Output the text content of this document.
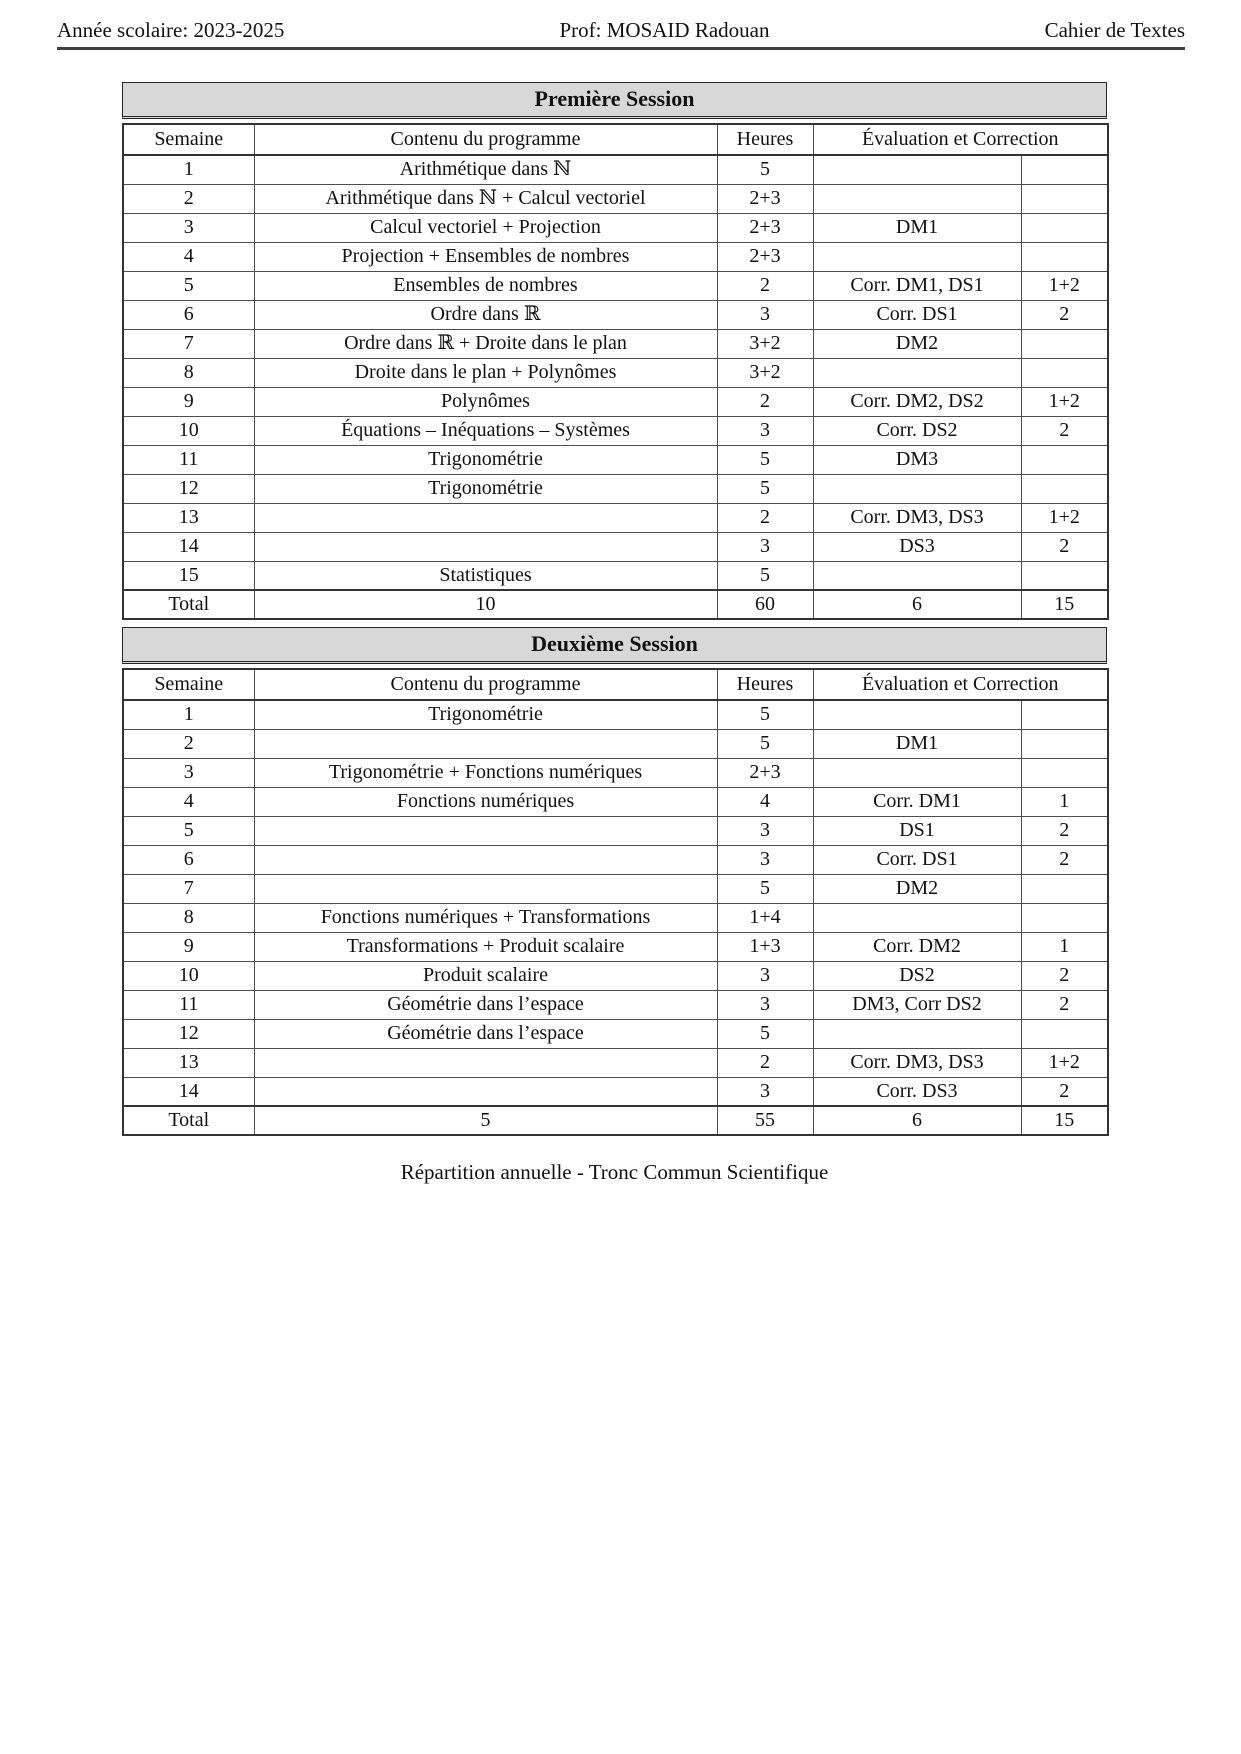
Année scolaire: 2023-2025	Prof: MOSAID Radouan	Cahier de Textes
Première Session
Semaine	Contenu du programme	Heures	Évaluation et Correction	
1	Arithmétique dans ℕ	5		
2	Arithmétique dans ℕ + Calcul vectoriel	2+3		
3	Calcul vectoriel + Projection	2+3	DM1	
4	Projection + Ensembles de nombres	2+3		
5	Ensembles de nombres	2	Corr. DM1, DS1	1+2
6	Ordre dans ℝ	3	Corr. DS1	2
7	Ordre dans ℝ + Droite dans le plan	3+2	DM2	
8	Droite dans le plan + Polynômes	3+2		
9	Polynômes	2	Corr. DM2, DS2	1+2
10	Équations – Inéquations – Systèmes	3	Corr. DS2	2
11	Trigonométrie	5	DM3	
12	Trigonométrie	5		
13		2	Corr. DM3, DS3	1+2
14		3	DS3	2
15	Statistiques	5		
Total	10	60	6	15
Deuxième Session
Semaine	Contenu du programme	Heures	Évaluation et Correction	
1	Trigonométrie	5		
2		5	DM1	
3	Trigonométrie + Fonctions numériques	2+3		
4	Fonctions numériques	4	Corr. DM1	1
5		3	DS1	2
6		3	Corr. DS1	2
7		5	DM2	
8	Fonctions numériques + Transformations	1+4		
9	Transformations + Produit scalaire	1+3	Corr. DM2	1
10	Produit scalaire	3	DS2	2
11	Géométrie dans l’espace	3	DM3, Corr DS2	2
12	Géométrie dans l’espace	5		
13		2	Corr. DM3, DS3	1+2
14		3	Corr. DS3	2
Total	5	55	6	15

Répartition annuelle - Tronc Commun Scientifique
